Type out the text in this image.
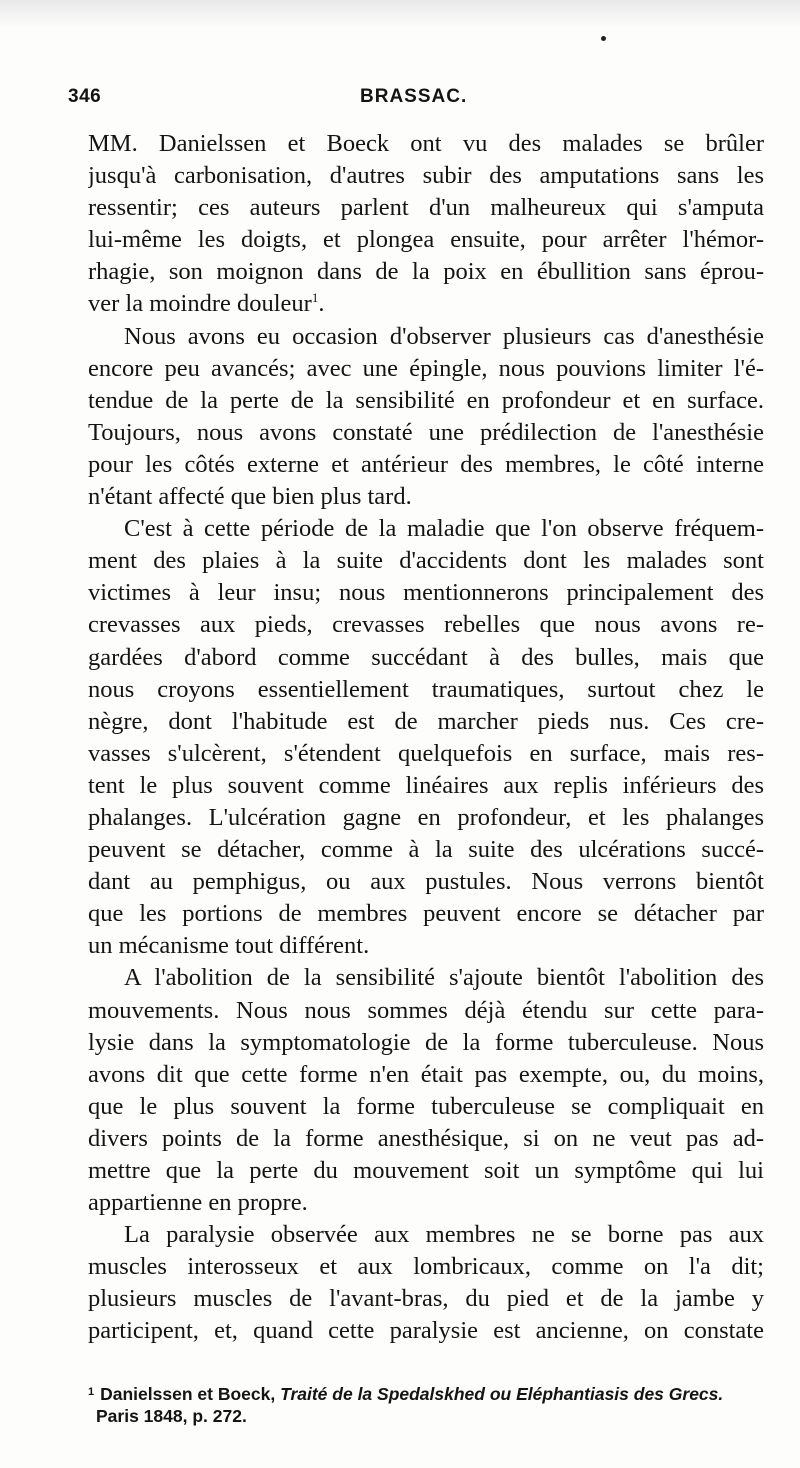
346	BRASSAC.
MM. Danielssen et Boeck ont vu des malades se brûler
jusqu'à carbonisation, d'autres subir des amputations sans les
ressentir; ces auteurs parlent d'un malheureux qui s'amputa
lui-même les doigts, et plongea ensuite, pour arrêter l'hémor-
rhagie, son moignon dans de la poix en ébullition sans éprou-
ver la moindre douleur$^1$.
Nous avons eu occasion d'observer plusieurs cas d'anesthésie
encore peu avancés; avec une épingle, nous pouvions limiter l'é-
tendue de la perte de la sensibilité en profondeur et en surface.
Toujours, nous avons constaté une prédilection de l'anesthésie
pour les côtés externe et antérieur des membres, le côté interne
n'étant affecté que bien plus tard.
C'est à cette période de la maladie que l'on observe fréquem-
ment des plaies à la suite d'accidents dont les malades sont
victimes à leur insu; nous mentionnerons principalement des
crevasses aux pieds, crevasses rebelles que nous avons re-
gardées d'abord comme succédant à des bulles, mais que
nous croyons essentiellement traumatiques, surtout chez le
nègre, dont l'habitude est de marcher pieds nus. Ces cre-
vasses s'ulcèrent, s'étendent quelquefois en surface, mais res-
tent le plus souvent comme linéaires aux replis inférieurs des
phalanges. L'ulcération gagne en profondeur, et les phalanges
peuvent se détacher, comme à la suite des ulcérations succé-
dant au pemphigus, ou aux pustules. Nous verrons bientôt
que les portions de membres peuvent encore se détacher par
un mécanisme tout différent.
A l'abolition de la sensibilité s'ajoute bientôt l'abolition des
mouvements. Nous nous sommes déjà étendu sur cette para-
lysie dans la symptomatologie de la forme tuberculeuse. Nous
avons dit que cette forme n'en était pas exempte, ou, du moins,
que le plus souvent la forme tuberculeuse se compliquait en
divers points de la forme anesthésique, si on ne veut pas ad-
mettre que la perte du mouvement soit un symptôme qui lui
appartienne en propre.
La paralysie observée aux membres ne se borne pas aux
muscles interosseux et aux lombricaux, comme on l'a dit;
plusieurs muscles de l'avant-bras, du pied et de la jambe y
participent, et, quand cette paralysie est ancienne, on constate
$^1$ Danielssen et Boeck, Traité de la Spedalskhed ou Eléphantiasis des Grecs.
Paris 1848, p. 272.
